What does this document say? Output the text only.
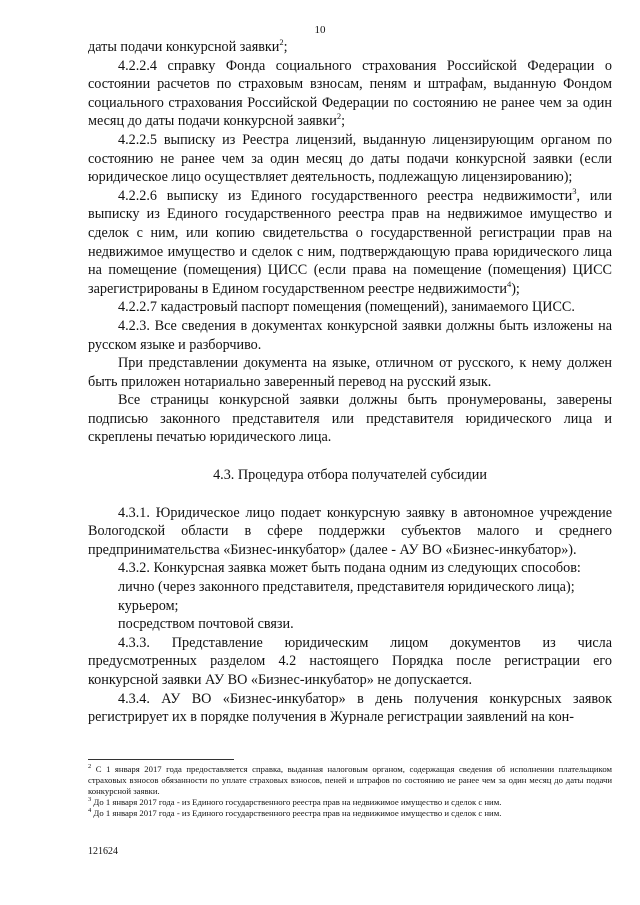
10

даты подачи конкурсной заявки$^2$;

4.2.2.4 справку Фонда социального страхования Российской Федерации о состоянии расчетов по страховым взносам, пеням и штрафам, выданную Фондом социального страхования Российской Федерации по состоянию не ранее чем за один месяц до даты подачи конкурсной заявки$^2$;

4.2.2.5 выписку из Реестра лицензий, выданную лицензирующим органом по состоянию не ранее чем за один месяц до даты подачи конкурсной заявки (если юридическое лицо осуществляет деятельность, подлежащую лицензированию);

4.2.2.6 выписку из Единого государственного реестра недвижимости$^3$, или выписку из Единого государственного реестра прав на недвижимое имущество и сделок с ним, или копию свидетельства о государственной регистрации прав на недвижимое имущество и сделок с ним, подтверждающую права юридического лица на помещение (помещения) ЦИСС (если права на помещение (помещения) ЦИСС зарегистрированы в Едином государственном реестре недвижимости$^4$);

4.2.2.7 кадастровый паспорт помещения (помещений), занимаемого ЦИСС.

4.2.3. Все сведения в документах конкурсной заявки должны быть изложены на русском языке и разборчиво.

При представлении документа на языке, отличном от русского, к нему должен быть приложен нотариально заверенный перевод на русский язык.

Все страницы конкурсной заявки должны быть пронумерованы, заверены подписью законного представителя или представителя юридического лица и скреплены печатью юридического лица.

4.3. Процедура отбора получателей субсидии

4.3.1. Юридическое лицо подает конкурсную заявку в автономное учреждение Вологодской области в сфере поддержки субъектов малого и среднего предпринимательства «Бизнес-инкубатор» (далее - АУ ВО «Бизнес-инкубатор»).

4.3.2. Конкурсная заявка может быть подана одним из следующих способов:

лично (через законного представителя, представителя юридического лица);

курьером;

посредством почтовой связи.

4.3.3. Представление юридическим лицом документов из числа предусмотренных разделом 4.2 настоящего Порядка после регистрации его конкурсной заявки АУ ВО «Бизнес-инкубатор» не допускается.

4.3.4. АУ ВО «Бизнес-инкубатор» в день получения конкурсных заявок регистрирует их в порядке получения в Журнале регистрации заявлений на кон-

$^2$ С 1 января 2017 года предоставляется справка, выданная налоговым органом, содержащая сведения об исполнении плательщиком страховых взносов обязанности по уплате страховых взносов, пеней и штрафов по состоянию не ранее чем за один месяц до даты подачи конкурсной заявки.

$^3$ До 1 января 2017 года - из Единого государственного реестра прав на недвижимое имущество и сделок с ним.

$^4$ До 1 января 2017 года - из Единого государственного реестра прав на недвижимое имущество и сделок с ним.

121624
